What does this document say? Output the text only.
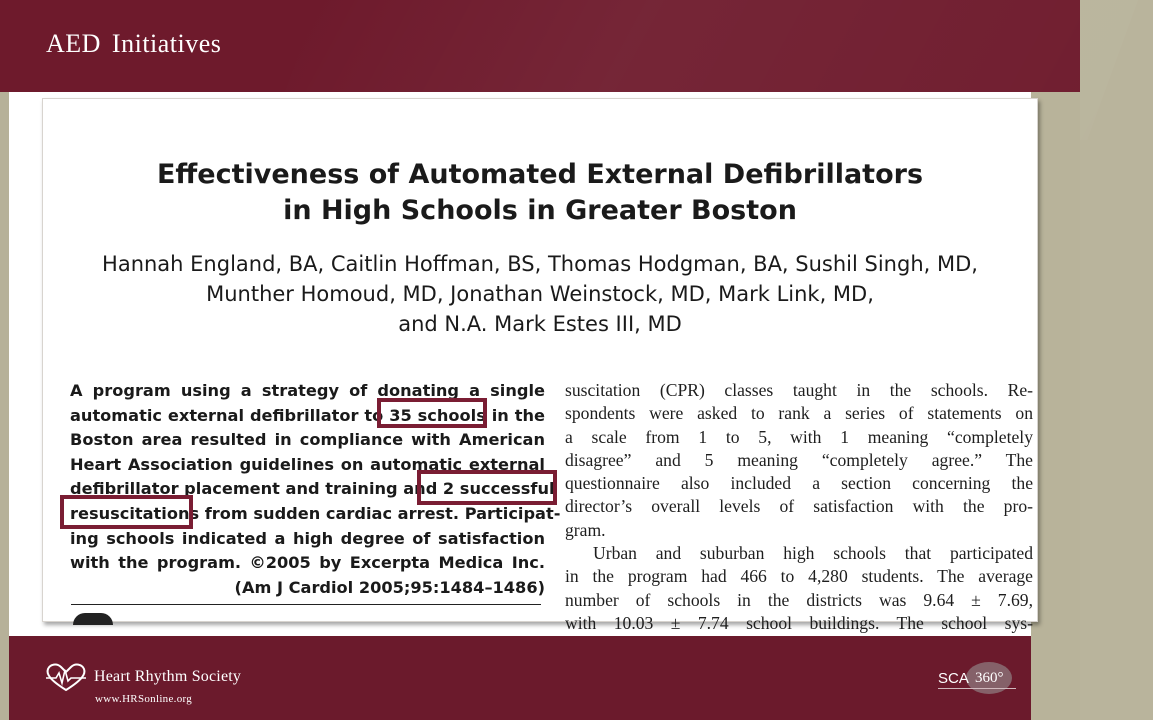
AED Initiatives
Effectiveness of Automated External Defibrillators
in High Schools in Greater Boston
Hannah England, BA, Caitlin Hoffman, BS, Thomas Hodgman, BA, Sushil Singh, MD,
Munther Homoud, MD, Jonathan Weinstock, MD, Mark Link, MD,
and N.A. Mark Estes III, MD
A program using a strategy of donating a single
automatic external defibrillator to 35 schools in the
Boston area resulted in compliance with American
Heart Association guidelines on automatic external
defibrillator placement and training and 2 successful
resuscitations from sudden cardiac arrest. Participat-
ing schools indicated a high degree of satisfaction
with the program. ©2005 by Excerpta Medica Inc.
(Am J Cardiol 2005;95:1484–1486)
suscitation (CPR) classes taught in the schools. Re-
spondents were asked to rank a series of statements on
a scale from 1 to 5, with 1 meaning “completely
disagree” and 5 meaning “completely agree.” The
questionnaire also included a section concerning the
director’s overall levels of satisfaction with the pro-
gram.
Urban and suburban high schools that participated
in the program had 466 to 4,280 students. The average
number of schools in the districts was 9.64 ± 7.69,
with 10.03 ± 7.74 school buildings. The school sys-
Heart Rhythm Society
www.HRSonline.org
SCA 360°
